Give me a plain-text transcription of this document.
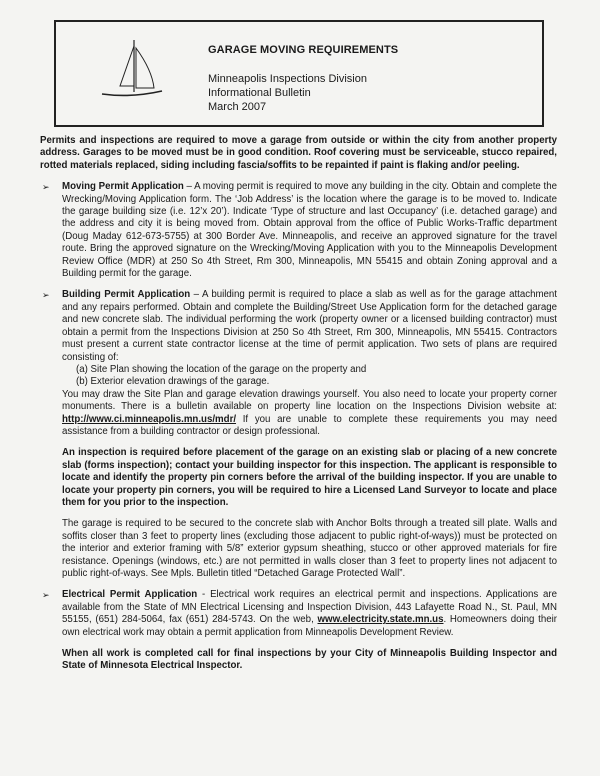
GARAGE MOVING REQUIREMENTS
Minneapolis Inspections Division
Informational Bulletin
March 2007

Permits and inspections are required to move a garage from outside or within the city from another property address. Garages to be moved must be in good condition. Roof covering must be serviceable, stucco repaired, rotted materials replaced, siding including fascia/soffits to be repainted if paint is flaking and/or peeling.

➢ Moving Permit Application – A moving permit is required to move any building in the city. Obtain and complete the Wrecking/Moving Application form. The ‘Job Address’ is the location where the garage is to be moved to. Indicate the garage building size (i.e. 12’x 20’). Indicate ‘Type of structure and last Occupancy’ (i.e. detached garage) and the address and city it is being moved from. Obtain approval from the office of Public Works-Traffic department (Doug Maday 612-673-5755) at 300 Border Ave. Minneapolis, and receive an approved signature for the travel route. Bring the approved signature on the Wrecking/Moving Application with you to the Minneapolis Development Review Office (MDR) at 250 So 4th Street, Rm 300, Minneapolis, MN 55415 and obtain Zoning approval and a Building permit for the garage.
➢ Building Permit Application – A building permit is required to place a slab as well as for the garage attachment and any repairs performed. Obtain and complete the Building/Street Use Application form for the detached garage and new concrete slab. The individual performing the work (property owner or a licensed building contractor) must obtain a permit from the Inspections Division at 250 So 4th Street, Rm 300, Minneapolis, MN 55415. Contractors must present a current state contractor license at the time of permit application. Two sets of plans are required consisting of:
(a) Site Plan showing the location of the garage on the property and
(b) Exterior elevation drawings of the garage.
You may draw the Site Plan and garage elevation drawings yourself. You also need to locate your property corner monuments. There is a bulletin available on property line location on the Inspections Division website at: http://www.ci.minneapolis.mn.us/mdr/ If you are unable to complete these requirements you may need assistance from a building contractor or design professional.

An inspection is required before placement of the garage on an existing slab or placing of a new concrete slab (forms inspection); contact your building inspector for this inspection. The applicant is responsible to locate and identify the property pin corners before the arrival of the building inspector. If you are unable to locate your property pin corners, you will be required to hire a Licensed Land Surveyor to locate and place them for you prior to the inspection.

The garage is required to be secured to the concrete slab with Anchor Bolts through a treated sill plate. Walls and soffits closer than 3 feet to property lines (excluding those adjacent to public right-of-ways)) must be protected on the interior and exterior framing with 5/8” exterior gypsum sheathing, stucco or other approved materials for fire resistance. Openings (windows, etc.) are not permitted in walls closer than 3 feet to property lines not adjacent to public right-of-ways. See Mpls. Bulletin titled “Detached Garage Protected Wall”.

➢ Electrical Permit Application - Electrical work requires an electrical permit and inspections. Applications are available from the State of MN Electrical Licensing and Inspection Division, 443 Lafayette Road N., St. Paul, MN 55155, (651) 284-5064, fax (651) 284-5743. On the web, www.electricity.state.mn.us. Homeowners doing their own electrical work may obtain a permit application from Minneapolis Development Review.

When all work is completed call for final inspections by your City of Minneapolis Building Inspector and State of Minnesota Electrical Inspector.
